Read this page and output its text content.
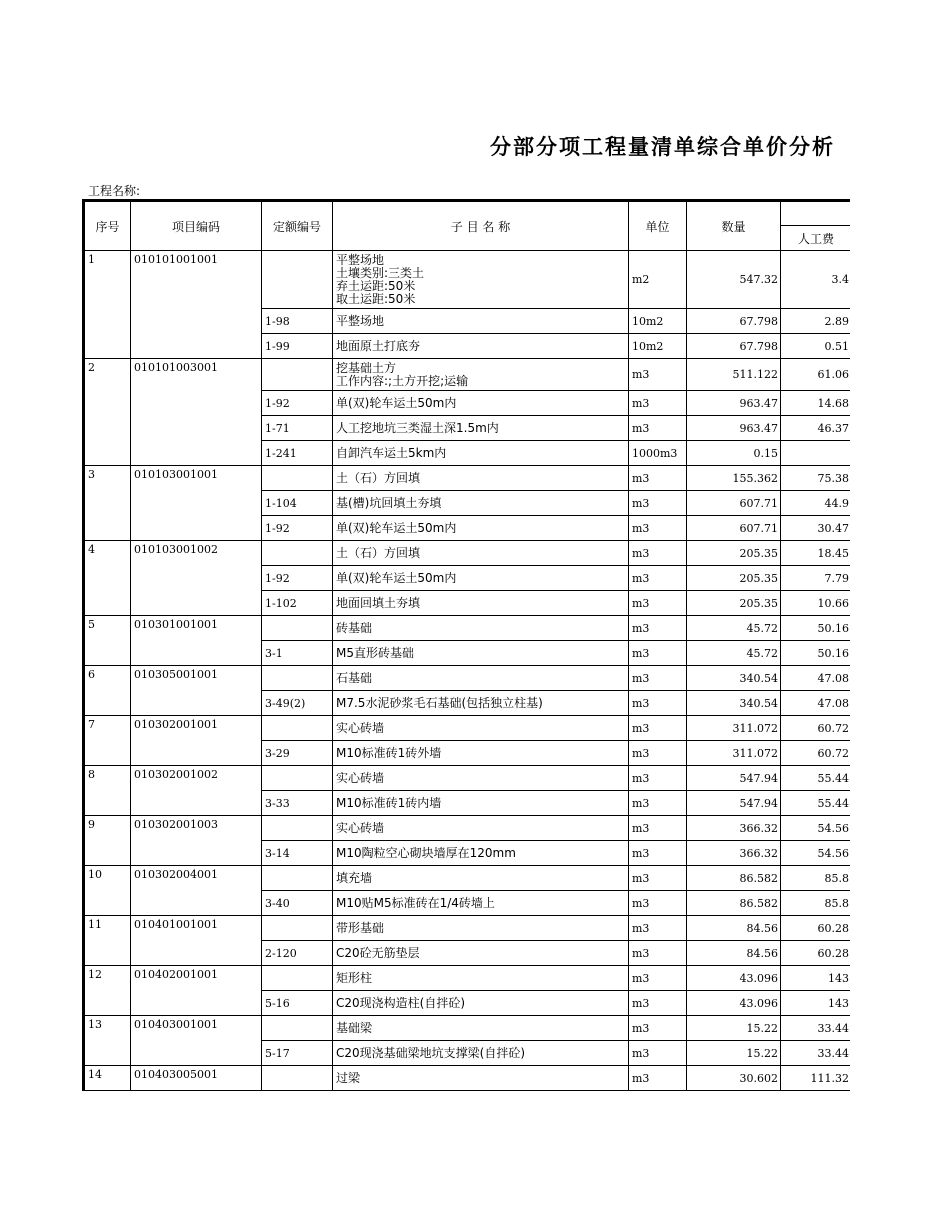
分部分项工程量清单综合单价分析
工程名称:
序号	项目编码	定额编号	子 目 名 称	单位	数量	
						人工费
1	010101001001		平整场地
土壤类别:三类土
弃土运距:50米
取土运距:50米	m2	547.32	3.4
		1-98	平整场地	10m2	67.798	2.89
		1-99	地面原土打底夯	10m2	67.798	0.51
2	010101003001		挖基础土方
工作内容:;土方开挖;运输	m3	511.122	61.06
		1-92	单(双)轮车运土50m内	m3	963.47	14.68
		1-71	人工挖地坑三类湿土深1.5m内	m3	963.47	46.37
		1-241	自卸汽车运土5km内	1000m3	0.15	
3	010103001001		土（石）方回填	m3	155.362	75.38
		1-104	基(槽)坑回填土夯填	m3	607.71	44.9
		1-92	单(双)轮车运土50m内	m3	607.71	30.47
4	010103001002		土（石）方回填	m3	205.35	18.45
		1-92	单(双)轮车运土50m内	m3	205.35	7.79
		1-102	地面回填土夯填	m3	205.35	10.66
5	010301001001		砖基础	m3	45.72	50.16
		3-1	M5直形砖基础	m3	45.72	50.16
6	010305001001		石基础	m3	340.54	47.08
		3-49(2)	M7.5水泥砂浆毛石基础(包括独立柱基)	m3	340.54	47.08
7	010302001001		实心砖墙	m3	311.072	60.72
		3-29	M10标准砖1砖外墙	m3	311.072	60.72
8	010302001002		实心砖墙	m3	547.94	55.44
		3-33	M10标准砖1砖内墙	m3	547.94	55.44
9	010302001003		实心砖墙	m3	366.32	54.56
		3-14	M10陶粒空心砌块墙厚在120mm	m3	366.32	54.56
10	010302004001		填充墙	m3	86.582	85.8
		3-40	M10贴M5标准砖在1/4砖墙上	m3	86.582	85.8
11	010401001001		带形基础	m3	84.56	60.28
		2-120	C20砼无筋垫层	m3	84.56	60.28
12	010402001001		矩形柱	m3	43.096	143
		5-16	C20现浇构造柱(自拌砼)	m3	43.096	143
13	010403001001		基础梁	m3	15.22	33.44
		5-17	C20现浇基础梁地坑支撑梁(自拌砼)	m3	15.22	33.44
14	010403005001		过梁	m3	30.602	111.32
